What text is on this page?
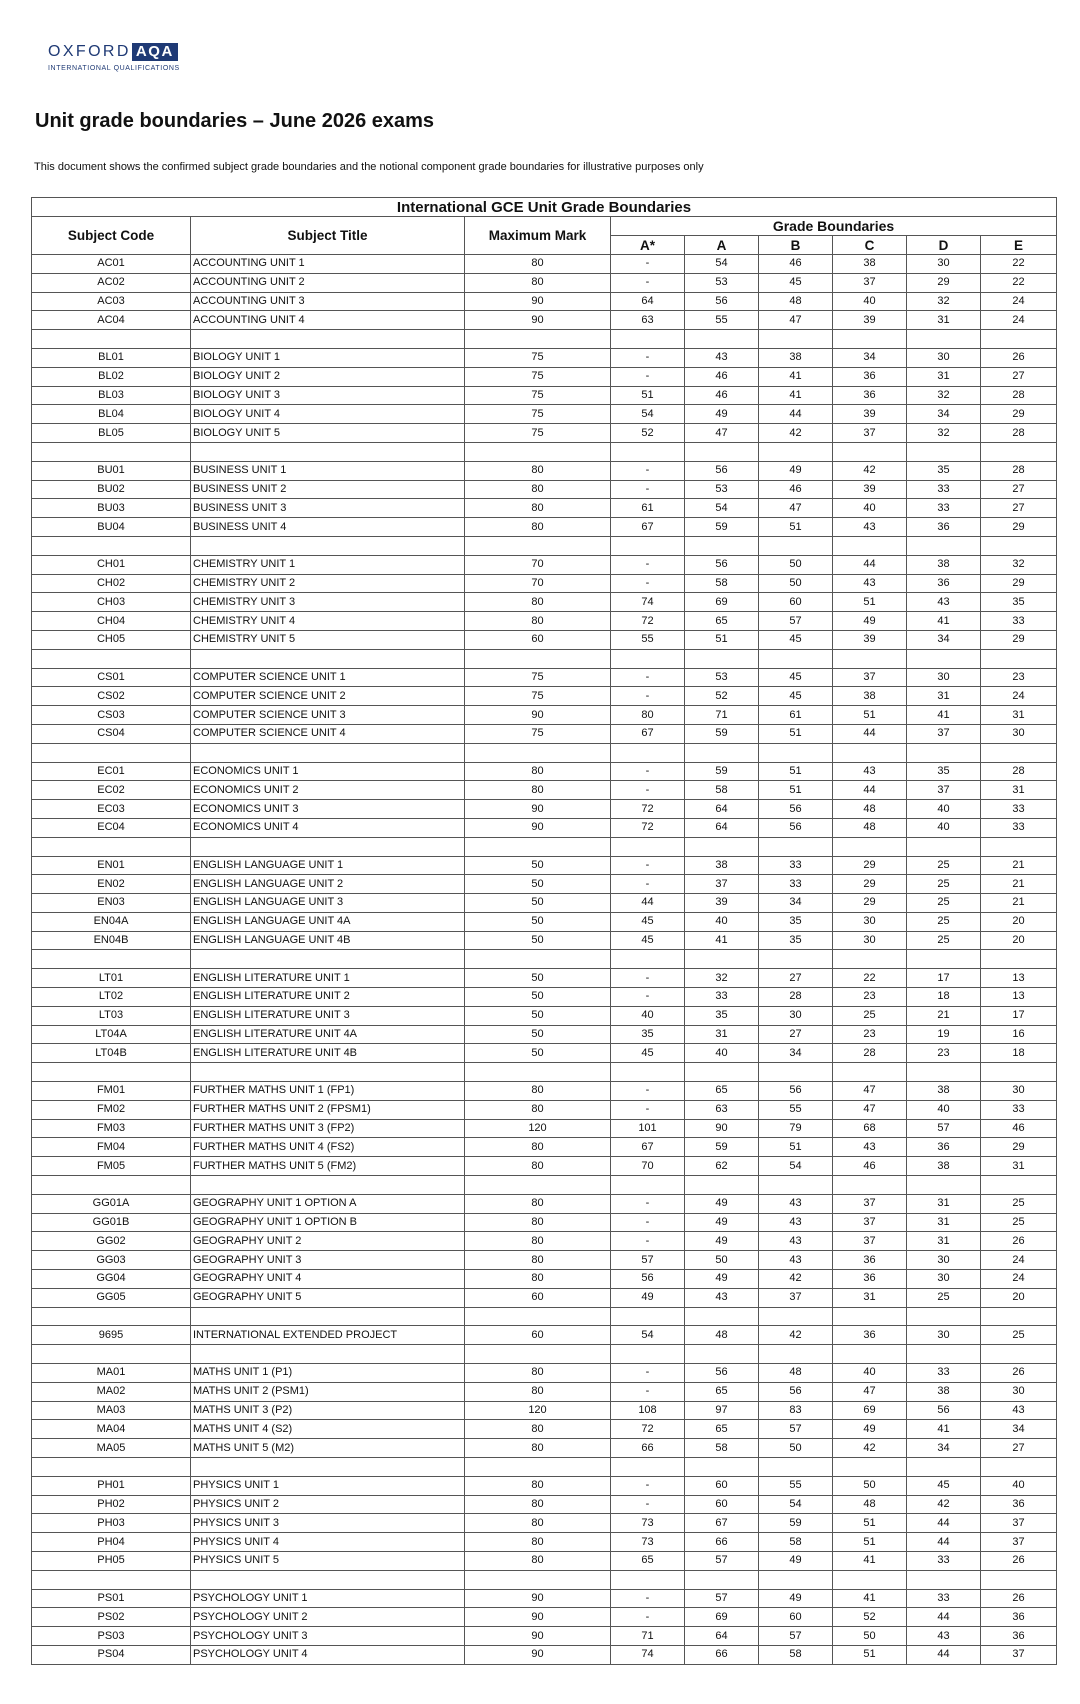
OXFORD AQA
INTERNATIONAL QUALIFICATIONS
Unit grade boundaries – June 2026 exams

This document shows the confirmed subject grade boundaries and the notional component grade boundaries for illustrative purposes only

International GCE Unit Grade Boundaries								
Subject Code	Subject Title	Maximum Mark	Grade Boundaries					
			A*	A	B	C	D	E
AC01	ACCOUNTING UNIT 1	80	-	54	46	38	30	22
AC02	ACCOUNTING UNIT 2	80	-	53	45	37	29	22
AC03	ACCOUNTING UNIT 3	90	64	56	48	40	32	24
AC04	ACCOUNTING UNIT 4	90	63	55	47	39	31	24

BL01	BIOLOGY UNIT 1	75	-	43	38	34	30	26
BL02	BIOLOGY UNIT 2	75	-	46	41	36	31	27
BL03	BIOLOGY UNIT 3	75	51	46	41	36	32	28
BL04	BIOLOGY UNIT 4	75	54	49	44	39	34	29
BL05	BIOLOGY UNIT 5	75	52	47	42	37	32	28

BU01	BUSINESS UNIT 1	80	-	56	49	42	35	28
BU02	BUSINESS UNIT 2	80	-	53	46	39	33	27
BU03	BUSINESS UNIT 3	80	61	54	47	40	33	27
BU04	BUSINESS UNIT 4	80	67	59	51	43	36	29

CH01	CHEMISTRY UNIT 1	70	-	56	50	44	38	32
CH02	CHEMISTRY UNIT 2	70	-	58	50	43	36	29
CH03	CHEMISTRY UNIT 3	80	74	69	60	51	43	35
CH04	CHEMISTRY UNIT 4	80	72	65	57	49	41	33
CH05	CHEMISTRY UNIT 5	60	55	51	45	39	34	29

CS01	COMPUTER SCIENCE UNIT 1	75	-	53	45	37	30	23
CS02	COMPUTER SCIENCE UNIT 2	75	-	52	45	38	31	24
CS03	COMPUTER SCIENCE UNIT 3	90	80	71	61	51	41	31
CS04	COMPUTER SCIENCE UNIT 4	75	67	59	51	44	37	30

EC01	ECONOMICS UNIT 1	80	-	59	51	43	35	28
EC02	ECONOMICS UNIT 2	80	-	58	51	44	37	31
EC03	ECONOMICS UNIT 3	90	72	64	56	48	40	33
EC04	ECONOMICS UNIT 4	90	72	64	56	48	40	33

EN01	ENGLISH LANGUAGE UNIT 1	50	-	38	33	29	25	21
EN02	ENGLISH LANGUAGE UNIT 2	50	-	37	33	29	25	21
EN03	ENGLISH LANGUAGE UNIT 3	50	44	39	34	29	25	21
EN04A	ENGLISH LANGUAGE UNIT 4A	50	45	40	35	30	25	20
EN04B	ENGLISH LANGUAGE UNIT 4B	50	45	41	35	30	25	20

LT01	ENGLISH LITERATURE UNIT 1	50	-	32	27	22	17	13
LT02	ENGLISH LITERATURE UNIT 2	50	-	33	28	23	18	13
LT03	ENGLISH LITERATURE UNIT 3	50	40	35	30	25	21	17
LT04A	ENGLISH LITERATURE UNIT 4A	50	35	31	27	23	19	16
LT04B	ENGLISH LITERATURE UNIT 4B	50	45	40	34	28	23	18

FM01	FURTHER MATHS UNIT 1 (FP1)	80	-	65	56	47	38	30
FM02	FURTHER MATHS UNIT 2 (FPSM1)	80	-	63	55	47	40	33
FM03	FURTHER MATHS UNIT 3 (FP2)	120	101	90	79	68	57	46
FM04	FURTHER MATHS UNIT 4 (FS2)	80	67	59	51	43	36	29
FM05	FURTHER MATHS UNIT 5 (FM2)	80	70	62	54	46	38	31

GG01A	GEOGRAPHY UNIT 1 OPTION A	80	-	49	43	37	31	25
GG01B	GEOGRAPHY UNIT 1 OPTION B	80	-	49	43	37	31	25
GG02	GEOGRAPHY UNIT 2	80	-	49	43	37	31	26
GG03	GEOGRAPHY UNIT 3	80	57	50	43	36	30	24
GG04	GEOGRAPHY UNIT 4	80	56	49	42	36	30	24
GG05	GEOGRAPHY UNIT 5	60	49	43	37	31	25	20

9695	INTERNATIONAL EXTENDED PROJECT	60	54	48	42	36	30	25

MA01	MATHS UNIT 1 (P1)	80	-	56	48	40	33	26
MA02	MATHS UNIT 2 (PSM1)	80	-	65	56	47	38	30
MA03	MATHS UNIT 3 (P2)	120	108	97	83	69	56	43
MA04	MATHS UNIT 4 (S2)	80	72	65	57	49	41	34
MA05	MATHS UNIT 5 (M2)	80	66	58	50	42	34	27

PH01	PHYSICS UNIT 1	80	-	60	55	50	45	40
PH02	PHYSICS UNIT 2	80	-	60	54	48	42	36
PH03	PHYSICS UNIT 3	80	73	67	59	51	44	37
PH04	PHYSICS UNIT 4	80	73	66	58	51	44	37
PH05	PHYSICS UNIT 5	80	65	57	49	41	33	26

PS01	PSYCHOLOGY UNIT 1	90	-	57	49	41	33	26
PS02	PSYCHOLOGY UNIT 2	90	-	69	60	52	44	36
PS03	PSYCHOLOGY UNIT 3	90	71	64	57	50	43	36
PS04	PSYCHOLOGY UNIT 4	90	74	66	58	51	44	37
